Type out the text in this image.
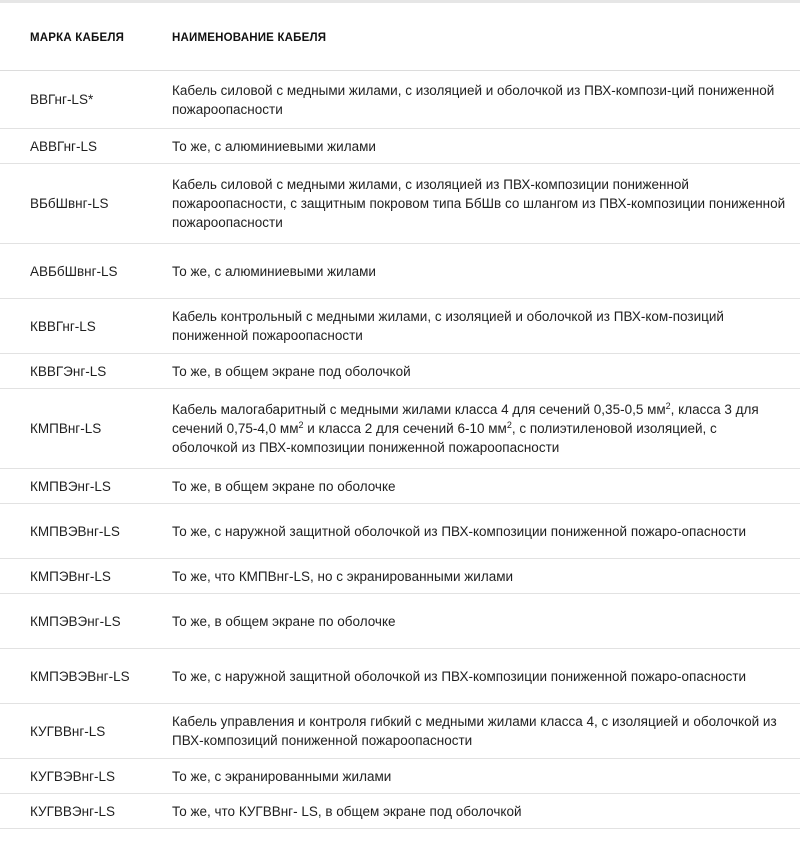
МАРКА КАБЕЛЯ	НАИМЕНОВАНИЕ КАБЕЛЯ
ВВГнг-LS*	Кабель силовой с медными жилами, с изоляцией и оболочкой из ПВХ-компози-ций пониженной пожароопасности
АВВГнг-LS	То же, с алюминиевыми жилами
ВБбШвнг-LS	Кабель силовой с медными жилами, с изоляцией из ПВХ-композиции пониженной пожароопасности, с защитным покровом типа БбШв со шлангом из ПВХ-композиции пониженной пожароопасности
АВБбШвнг-LS	То же, с алюминиевыми жилами
КВВГнг-LS	Кабель контрольный с медными жилами, с изоляцией и оболочкой из ПВХ-ком-позиций пониженной пожароопасности
КВВГЭнг-LS	То же, в общем экране под оболочкой
КМПВнг-LS	Кабель малогабаритный с медными жилами класса 4 для сечений 0,35-0,5 $мм^2$, класса 3 для сечений 0,75-4,0 $мм^2$ и класса 2 для сечений 6-10 $мм^2$, с полиэтиленовой изоляцией, с оболочкой из ПВХ-композиции пониженной пожароопасности
КМПВЭнг-LS	То же, в общем экране по оболочке
КМПВЭВнг-LS	То же, с наружной защитной оболочкой из ПВХ-композиции пониженной пожаро-опасности
КМПЭВнг-LS	То же, что КМПВнг-LS, но с экранированными жилами
КМПЭВЭнг-LS	То же, в общем экране по оболочке
КМПЭВЭВнг-LS	То же, с наружной защитной оболочкой из ПВХ-композиции пониженной пожаро-опасности
КУГВВнг-LS	Кабель управления и контроля гибкий с медными жилами класса 4, с изоляцией и оболочкой из ПВХ-композиций пониженной пожароопасности
КУГВЭВнг-LS	То же, с экранированными жилами
КУГВВЭнг-LS	То же, что КУГВВнг- LS, в общем экране под оболочкой
